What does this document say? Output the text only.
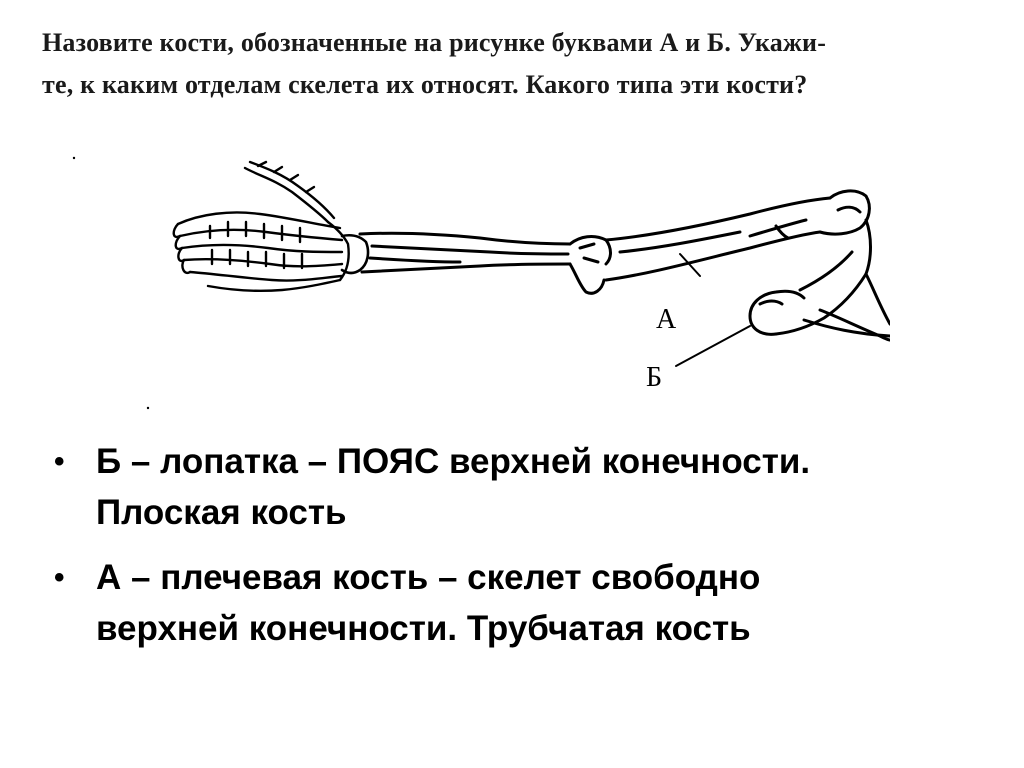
Назовите кости, обозначенные на рисунке буквами А и Б. Укажи-
те, к каким отделам скелета их относят. Какого типа эти кости?
А
Б
• Б – лопатка – ПОЯС верхней конечности.
Плоская кость
• А – плечевая кость – скелет свободно
верхней конечности. Трубчатая кость
